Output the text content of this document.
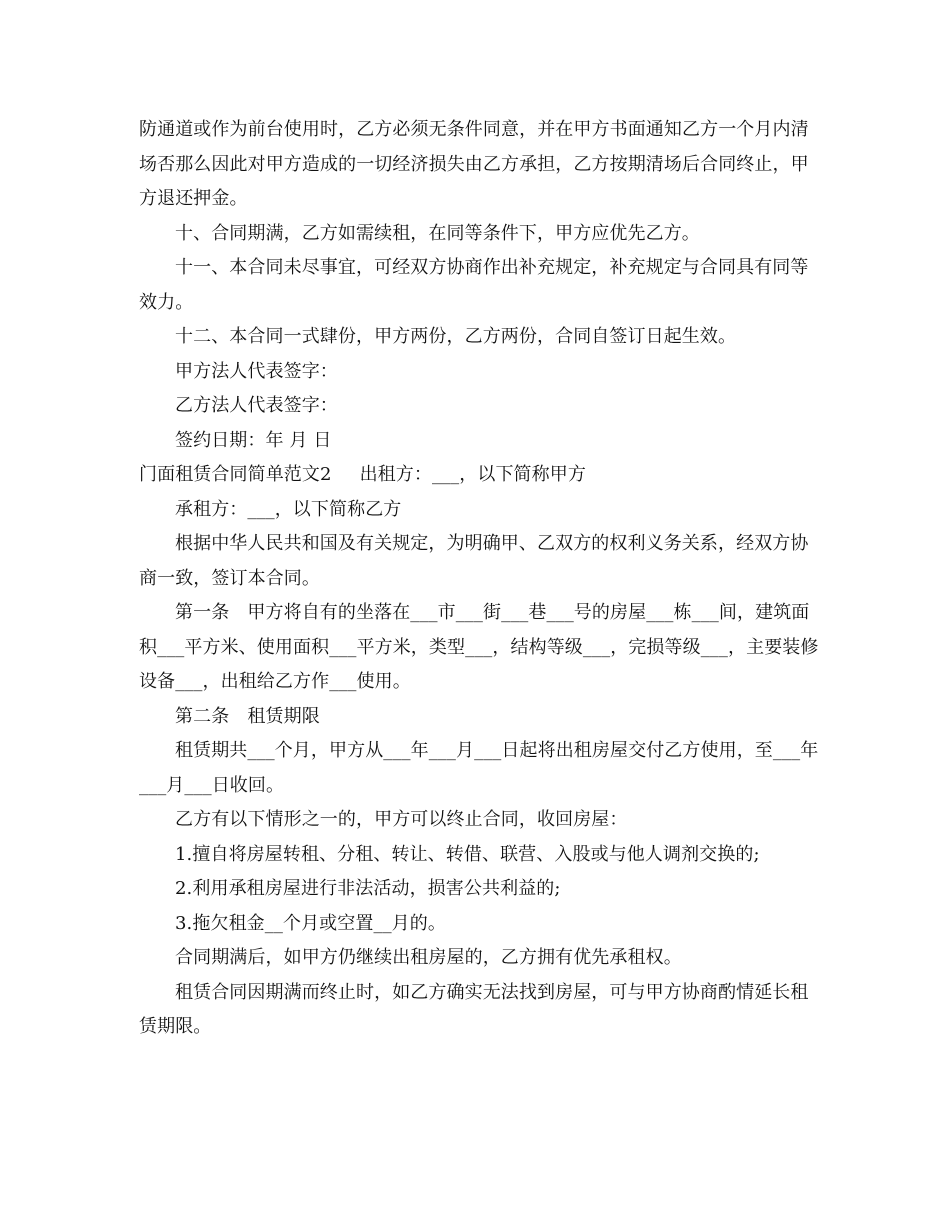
防通道或作为前台使用时，乙方必须无条件同意，并在甲方书面通知乙方一个月内清场否那么因此对甲方造成的一切经济损失由乙方承担，乙方按期清场后合同终止，甲方退还押金。

十、合同期满，乙方如需续租，在同等条件下，甲方应优先乙方。

十一、本合同未尽事宜，可经双方协商作出补充规定，补充规定与合同具有同等效力。

十二、本合同一式肆份，甲方两份，乙方两份，合同自签订日起生效。

甲方法人代表签字：

乙方法人代表签字：

签约日期：年 月 日

门面租赁合同简单范文2 出租方：___，以下简称甲方

承租方：___，以下简称乙方

根据中华人民共和国及有关规定，为明确甲、乙双方的权利义务关系，经双方协商一致，签订本合同。

第一条　甲方将自有的坐落在___市___街___巷___号的房屋___栋___间，建筑面积___平方米、使用面积___平方米，类型___，结构等级___，完损等级___，主要装修设备___，出租给乙方作___使用。

第二条　租赁期限

租赁期共___个月，甲方从___年___月___日起将出租房屋交付乙方使用，至___年___月___日收回。

乙方有以下情形之一的，甲方可以终止合同，收回房屋：

1.擅自将房屋转租、分租、转让、转借、联营、入股或与他人调剂交换的;

2.利用承租房屋进行非法活动，损害公共利益的;

3.拖欠租金__个月或空置__月的。

合同期满后，如甲方仍继续出租房屋的，乙方拥有优先承租权。

租赁合同因期满而终止时，如乙方确实无法找到房屋，可与甲方协商酌情延长租赁期限。
